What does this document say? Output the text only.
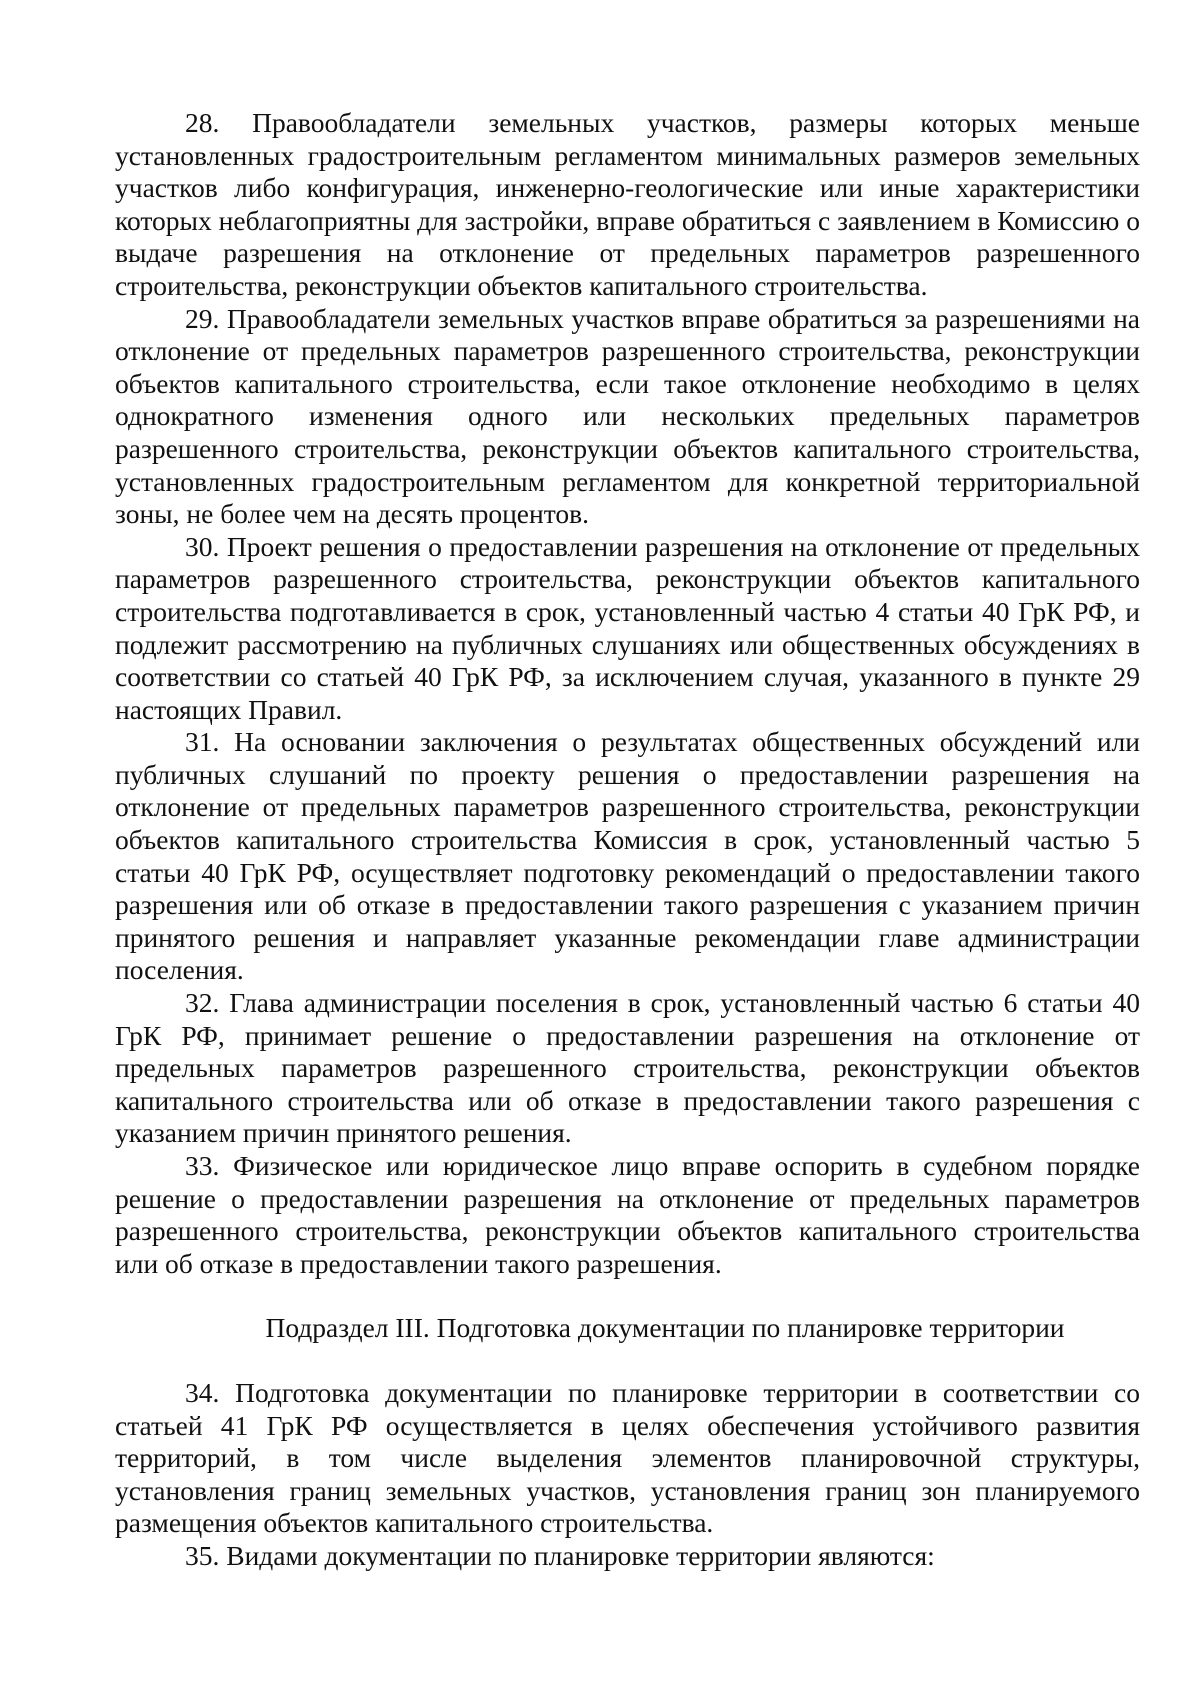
28. Правообладатели земельных участков, размеры которых меньше установленных градостроительным регламентом минимальных размеров земельных участков либо конфигурация, инженерно-геологические или иные характеристики которых неблагоприятны для застройки, вправе обратиться с заявлением в Комиссию о выдаче разрешения на отклонение от предельных параметров разрешенного строительства, реконструкции объектов капитального строительства.

29. Правообладатели земельных участков вправе обратиться за разрешениями на отклонение от предельных параметров разрешенного строительства, реконструкции объектов капитального строительства, если такое отклонение необходимо в целях однократного изменения одного или нескольких предельных параметров разрешенного строительства, реконструкции объектов капитального строительства, установленных градостроительным регламентом для конкретной территориальной зоны, не более чем на десять процентов.

30. Проект решения о предоставлении разрешения на отклонение от предельных параметров разрешенного строительства, реконструкции объектов капитального строительства подготавливается в срок, установленный частью 4 статьи 40 ГрК РФ, и подлежит рассмотрению на публичных слушаниях или общественных обсуждениях в соответствии со статьей 40 ГрК РФ, за исключением случая, указанного в пункте 29 настоящих Правил.

31. На основании заключения о результатах общественных обсуждений или публичных слушаний по проекту решения о предоставлении разрешения на отклонение от предельных параметров разрешенного строительства, реконструкции объектов капитального строительства Комиссия в срок, установленный частью 5 статьи 40 ГрК РФ, осуществляет подготовку рекомендаций о предоставлении такого разрешения или об отказе в предоставлении такого разрешения с указанием причин принятого решения и направляет указанные рекомендации главе администрации поселения.

32. Глава администрации поселения в срок, установленный частью 6 статьи 40 ГрК РФ, принимает решение о предоставлении разрешения на отклонение от предельных параметров разрешенного строительства, реконструкции объектов капитального строительства или об отказе в предоставлении такого разрешения с указанием причин принятого решения.

33. Физическое или юридическое лицо вправе оспорить в судебном порядке решение о предоставлении разрешения на отклонение от предельных параметров разрешенного строительства, реконструкции объектов капитального строительства или об отказе в предоставлении такого разрешения.

Подраздел III. Подготовка документации по планировке территории

34. Подготовка документации по планировке территории в соответствии со статьей 41 ГрК РФ осуществляется в целях обеспечения устойчивого развития территорий, в том числе выделения элементов планировочной структуры, установления границ земельных участков, установления границ зон планируемого размещения объектов капитального строительства.

35. Видами документации по планировке территории являются:
